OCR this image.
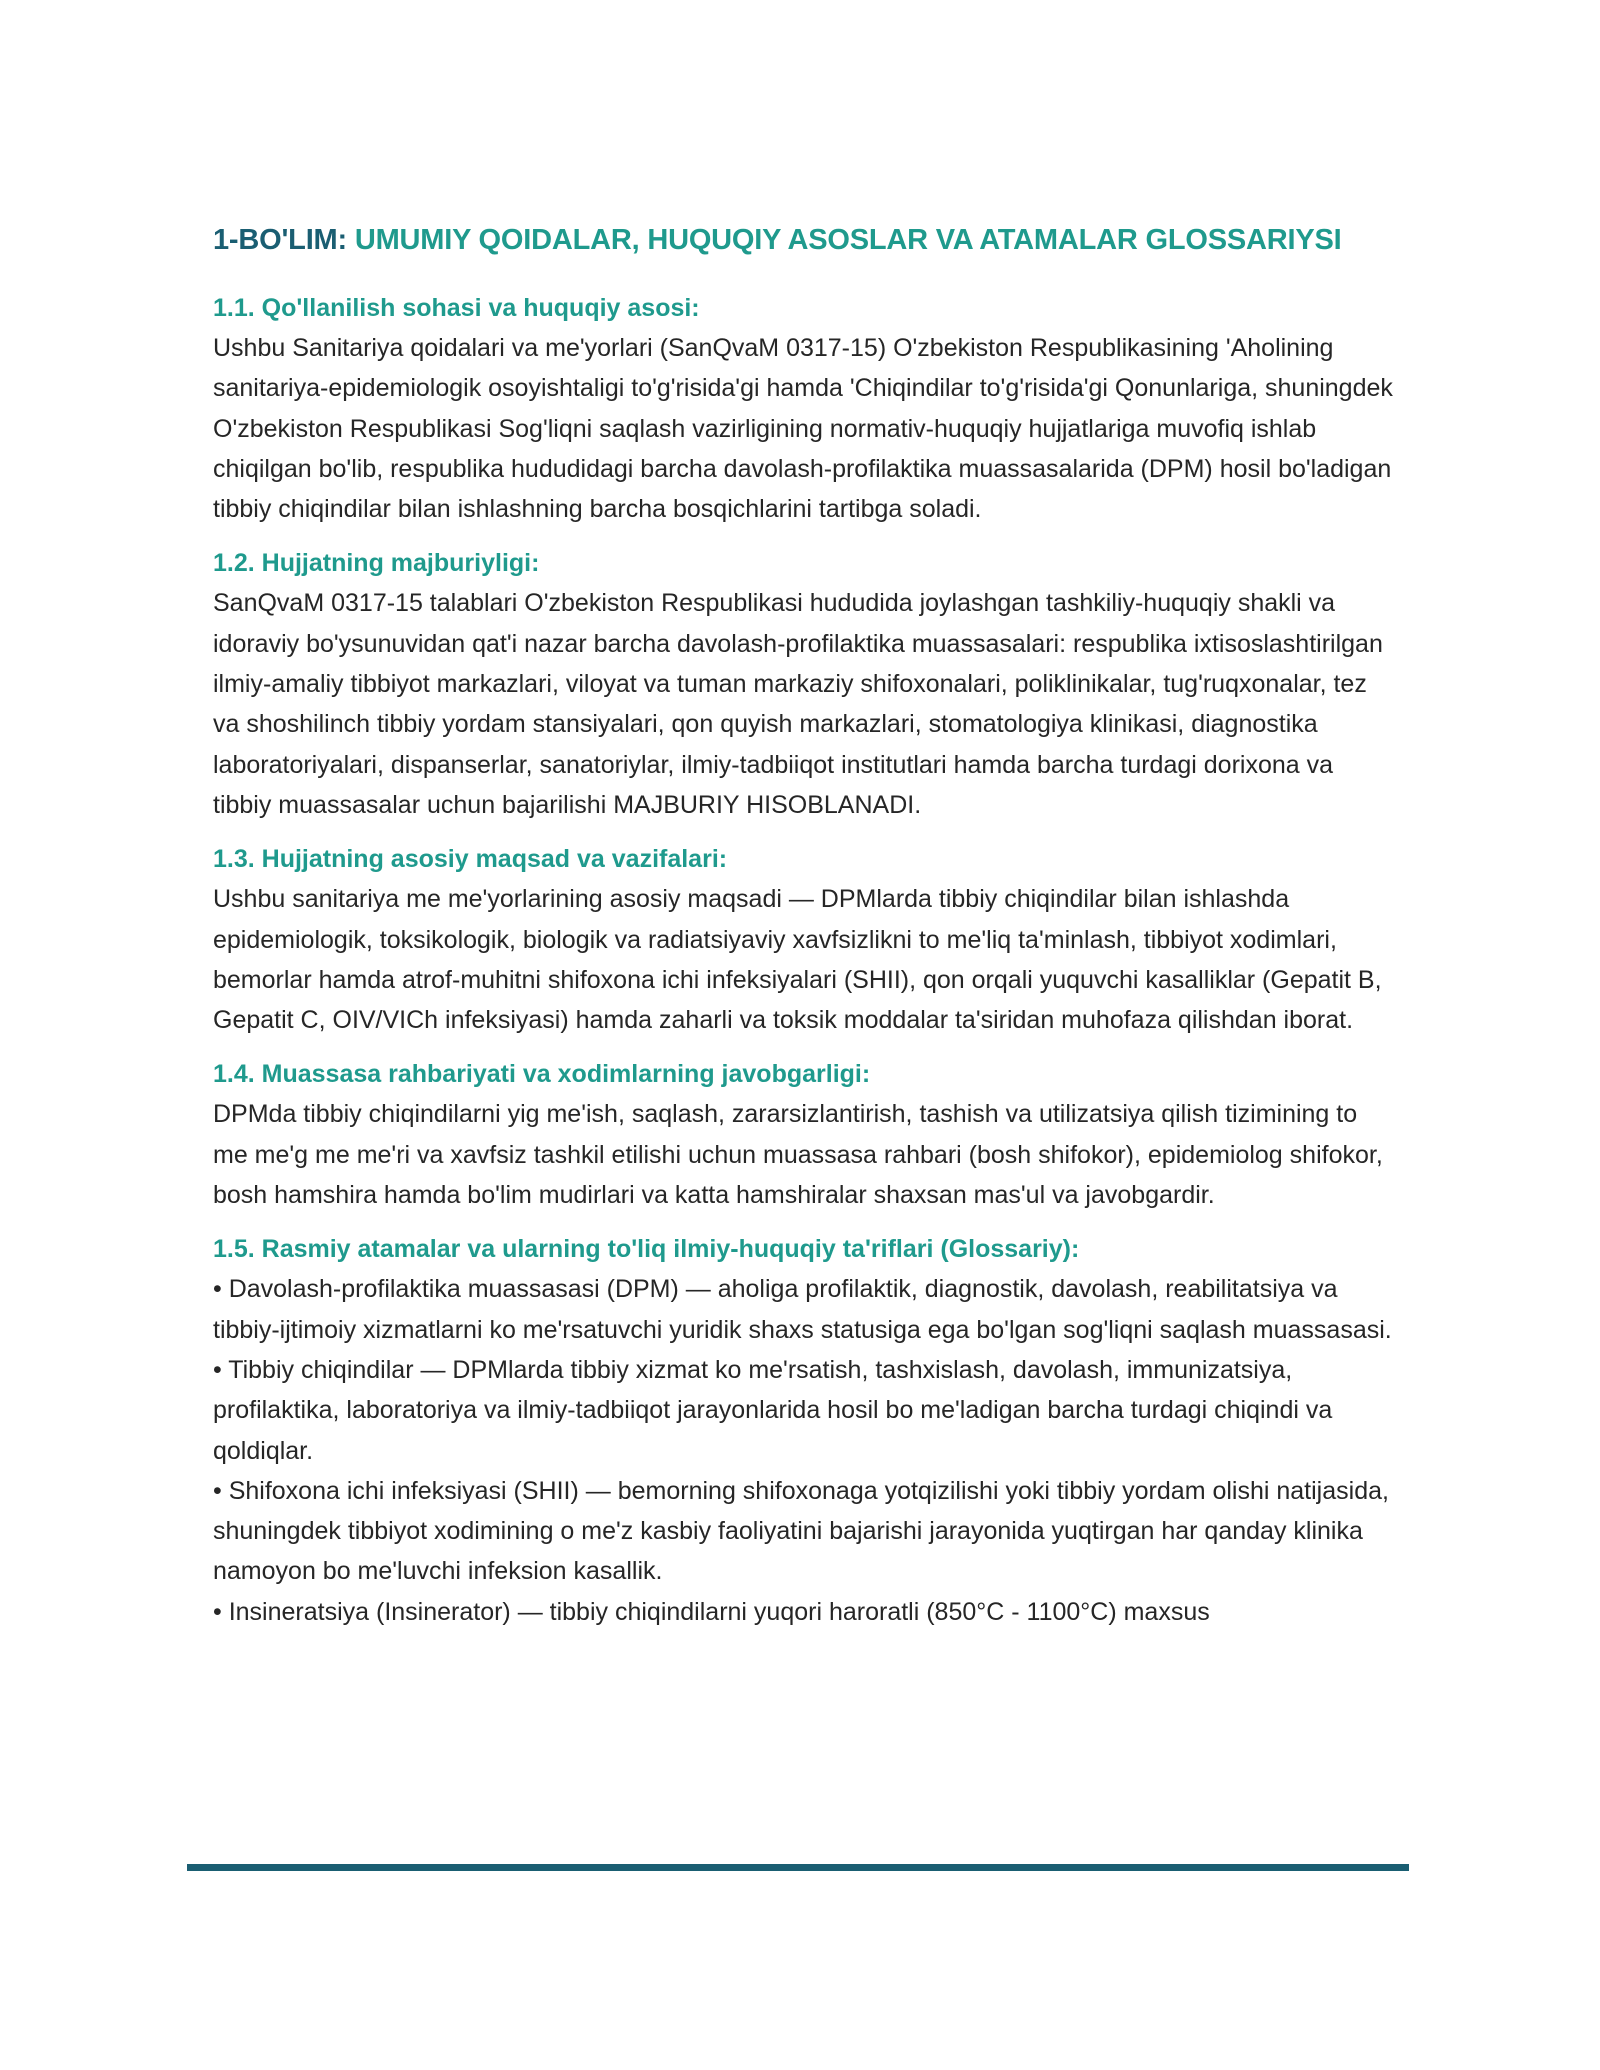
1-BO'LIM: UMUMIY QOIDALAR, HUQUQIY ASOSLAR VA ATAMALAR GLOSSARIYSI
1.1. Qo'llanilish sohasi va huquqiy asosi:

Ushbu Sanitariya qoidalari va me'yorlari (SanQvaM 0317-15) O'zbekiston Respublikasining 'Aholining sanitariya-epidemiologik osoyishtaligi to'g'risida'gi hamda 'Chiqindilar to'g'risida'gi Qonunlariga, shuningdek O'zbekiston Respublikasi Sog'liqni saqlash vazirligining normativ-huquqiy hujjatlariga muvofiq ishlab chiqilgan bo'lib, respublika hududidagi barcha davolash-profilaktika muassasalarida (DPM) hosil bo'ladigan tibbiy chiqindilar bilan ishlashning barcha bosqichlarini tartibga soladi.

1.2. Hujjatning majburiyligi:

SanQvaM 0317-15 talablari O'zbekiston Respublikasi hududida joylashgan tashkiliy-huquqiy shakli va idoraviy bo'ysunuvidan qat'i nazar barcha davolash-profilaktika muassasalari: respublika ixtisoslashtirilgan ilmiy-amaliy tibbiyot markazlari, viloyat va tuman markaziy shifoxonalari, poliklinikalar, tug'ruqxonalar, tez va shoshilinch tibbiy yordam stansiyalari, qon quyish markazlari, stomatologiya klinikasi, diagnostika laboratoriyalari, dispanserlar, sanatoriylar, ilmiy-tadbiiqot institutlari hamda barcha turdagi dorixona va tibbiy muassasalar uchun bajarilishi MAJBURIY HISOBLANADI.

1.3. Hujjatning asosiy maqsad va vazifalari:

Ushbu sanitariya me me'yorlarining asosiy maqsadi — DPMlarda tibbiy chiqindilar bilan ishlashda epidemiologik, toksikologik, biologik va radiatsiyaviy xavfsizlikni to me'liq ta'minlash, tibbiyot xodimlari, bemorlar hamda atrof-muhitni shifoxona ichi infeksiyalari (SHII), qon orqali yuquvchi kasalliklar (Gepatit B, Gepatit C, OIV/VICh infeksiyasi) hamda zaharli va toksik moddalar ta'siridan muhofaza qilishdan iborat.

1.4. Muassasa rahbariyati va xodimlarning javobgarligi:

DPMda tibbiy chiqindilarni yig me'ish, saqlash, zararsizlantirish, tashish va utilizatsiya qilish tizimining to me me'g me me'ri va xavfsiz tashkil etilishi uchun muassasa rahbari (bosh shifokor), epidemiolog shifokor, bosh hamshira hamda bo'lim mudirlari va katta hamshiralar shaxsan mas'ul va javobgardir.

1.5. Rasmiy atamalar va ularning to'liq ilmiy-huquqiy ta'riflari (Glossariy):

• Davolash-profilaktika muassasasi (DPM) — aholiga profilaktik, diagnostik, davolash, reabilitatsiya va tibbiy-ijtimoiy xizmatlarni ko me'rsatuvchi yuridik shaxs statusiga ega bo'lgan sog'liqni saqlash muassasasi.

• Tibbiy chiqindilar — DPMlarda tibbiy xizmat ko me'rsatish, tashxislash, davolash, immunizatsiya, profilaktika, laboratoriya va ilmiy-tadbiiqot jarayonlarida hosil bo me'ladigan barcha turdagi chiqindi va qoldiqlar.

• Shifoxona ichi infeksiyasi (SHII) — bemorning shifoxonaga yotqizilishi yoki tibbiy yordam olishi natijasida, shuningdek tibbiyot xodimining o me'z kasbiy faoliyatini bajarishi jarayonida yuqtirgan har qanday klinika namoyon bo me'luvchi infeksion kasallik.

• Insineratsiya (Insinerator) — tibbiy chiqindilarni yuqori haroratli (850°C - 1100°C) maxsus
